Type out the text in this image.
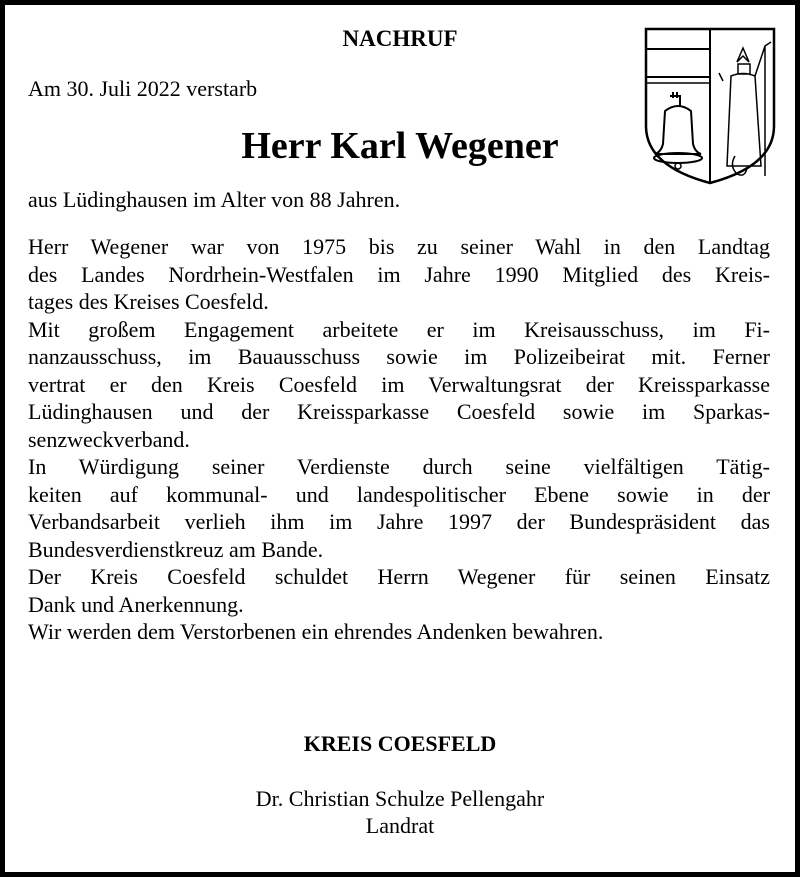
NACHRUF
Am 30. Juli 2022 verstarb
Herr Karl Wegener
aus Lüdinghausen im Alter von 88 Jahren.
Herr Wegener war von 1975 bis zu seiner Wahl in den Landtag
des Landes Nordrhein-Westfalen im Jahre 1990 Mitglied des Kreis-
tages des Kreises Coesfeld.
Mit großem Engagement arbeitete er im Kreisausschuss, im Fi-
nanzausschuss, im Bauausschuss sowie im Polizeibeirat mit. Ferner
vertrat er den Kreis Coesfeld im Verwaltungsrat der Kreissparkasse
Lüdinghausen und der Kreissparkasse Coesfeld sowie im Sparkas-
senzweckverband.
In Würdigung seiner Verdienste durch seine vielfältigen Tätig-
keiten auf kommunal- und landespolitischer Ebene sowie in der
Verbandsarbeit verlieh ihm im Jahre 1997 der Bundespräsident das
Bundesverdienstkreuz am Bande.
Der Kreis Coesfeld schuldet Herrn Wegener für seinen Einsatz
Dank und Anerkennung.
Wir werden dem Verstorbenen ein ehrendes Andenken bewahren.
KREIS COESFELD
Dr. Christian Schulze Pellengahr
Landrat
